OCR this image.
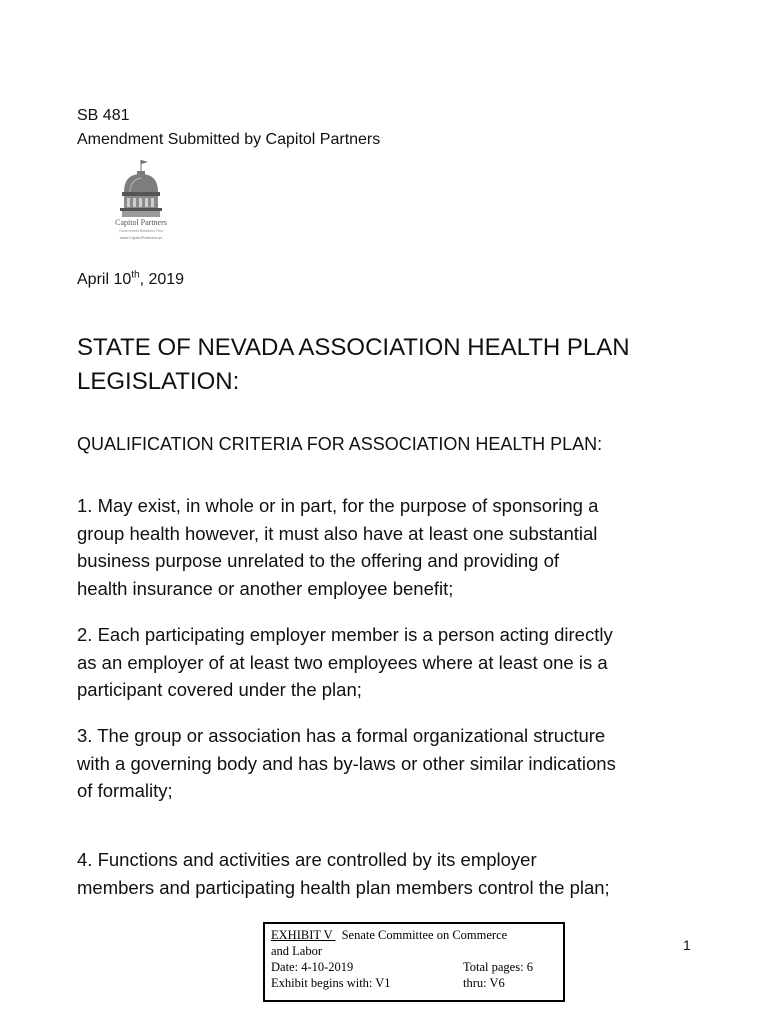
SB 481
Amendment Submitted by Capitol Partners
Capitol Partners
Government Relations Firm
www.CapitolPartners.us
April 10th, 2019
STATE OF NEVADA ASSOCIATION HEALTH PLAN
LEGISLATION:
QUALIFICATION CRITERIA FOR ASSOCIATION HEALTH PLAN:
1. May exist, in whole or in part, for the purpose of sponsoring a
group health however, it must also have at least one substantial
business purpose unrelated to the offering and providing of
health insurance or another employee benefit;
2. Each participating employer member is a person acting directly
as an employer of at least two employees where at least one is a
participant covered under the plan;
3. The group or association has a formal organizational structure
with a governing body and has by-laws or other similar indications
of formality;
4. Functions and activities are controlled by its employer
members and participating health plan members control the plan;
EXHIBIT V Senate Committee on Commerce
and Labor
Date: 4-10-2019	Total pages: 6
Exhibit begins with: V1	thru: V6
1
